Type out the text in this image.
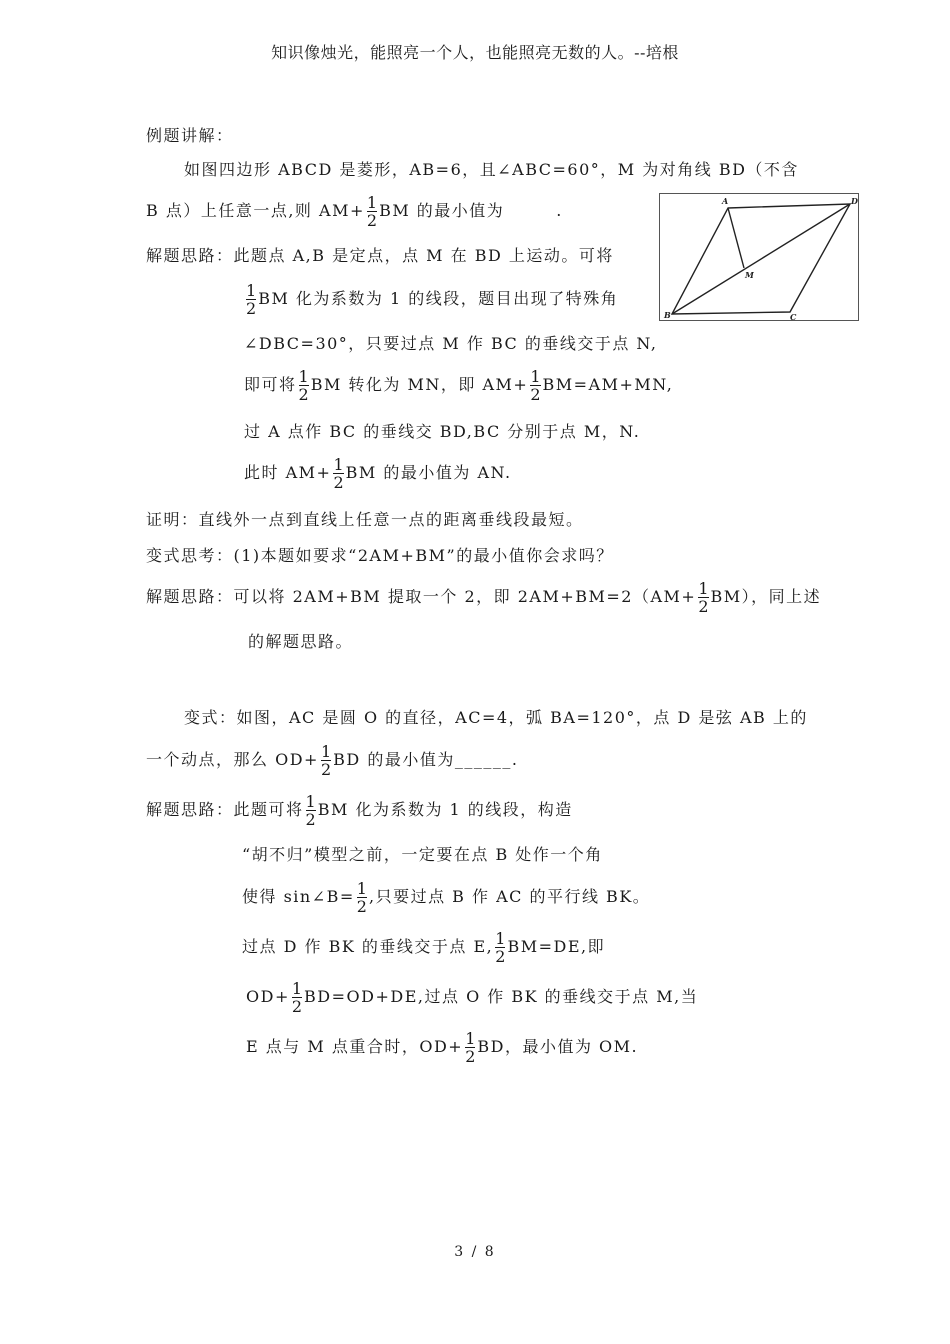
知识像烛光，能照亮一个人，也能照亮无数的人。--培根
例题讲解：
如图四边形 ABCD 是菱形，AB=6，且∠ABC=60°，M 为对角线 BD（不含
B 点）上任意一点,则 $AM+ \frac{1}{2}$ BM 的最小值为	.	A	D
M
B	C
解题思路：此题点 A,B 是定点，点 M 在 BD 上运动。可将
$\frac{1}{2}$ BM 化为系数为 1 的线段，题目出现了特殊角
∠DBC=30°，只要过点 M 作 BC 的垂线交于点 N,
即可将 $\frac{1}{2}$ BM 转化为 MN，即 $AM+ \frac{1}{2} BM=AM+MN$,
过 A 点作 BC 的垂线交 BD,BC 分别于点 M，N.
此时 $AM+ \frac{1}{2}$ BM 的最小值为 AN.
证明：直线外一点到直线上任意一点的距离垂线段最短。
变式思考：(1)本题如要求“2AM+BM”的最小值你会求吗？
解题思路：可以将 2AM+BM 提取一个 2，即 $2AM+BM=2(AM+ \frac{1}{2} BM)$，同上述
的解题思路。
变式：如图，AC 是圆 O 的直径，AC=4，弧 BA=120°，点 D 是弦 AB 上的
一个动点，那么 $OD+ \frac{1}{2}$ BD 的最小值为______.
解题思路：此题可将 $\frac{1}{2}$ BM 化为系数为 1 的线段，构造
“胡不归”模型之前，一定要在点 B 处作一个角
使得 sin∠B= $\frac{1}{2}$ ,只要过点 B 作 AC 的平行线 BK。
过点 D 作 BK 的垂线交于点 E, $\frac{1}{2} BM=DE$,即
$OD+ \frac{1}{2} BD=OD+DE$,过点 O 作 BK 的垂线交于点 M,当
E 点与 M 点重合时，$OD+ \frac{1}{2}$ BD，最小值为 OM.
3 / 8
